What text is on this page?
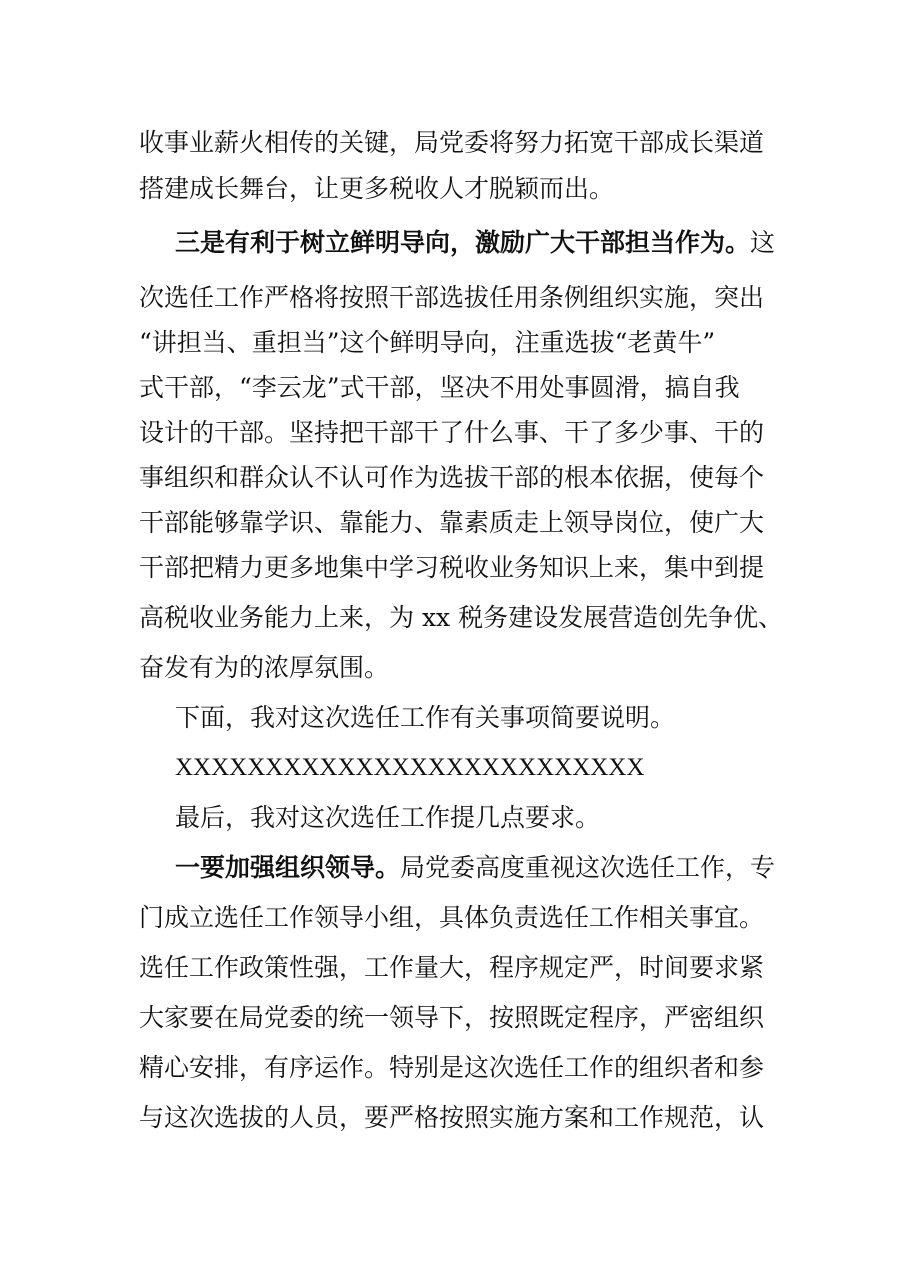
收事业薪火相传的关键，局党委将努力拓宽干部成长渠道
搭建成长舞台，让更多税收人才脱颖而出。
三是有利于树立鲜明导向，激励广大干部担当作为。这
次选任工作严格将按照干部选拔任用条例组织实施，突出
“讲担当、重担当”这个鲜明导向，注重选拔“老黄牛”
式干部，“李云龙”式干部，坚决不用处事圆滑，搞自我
设计的干部。坚持把干部干了什么事、干了多少事、干的
事组织和群众认不认可作为选拔干部的根本依据，使每个
干部能够靠学识、靠能力、靠素质走上领导岗位，使广大
干部把精力更多地集中学习税收业务知识上来，集中到提
高税收业务能力上来，为 xx 税务建设发展营造创先争优、
奋发有为的浓厚氛围。
下面，我对这次选任工作有关事项简要说明。
XXXXXXXXXXXXXXXXXXXXXXXXXX
最后，我对这次选任工作提几点要求。
一要加强组织领导。局党委高度重视这次选任工作，专
门成立选任工作领导小组，具体负责选任工作相关事宜。
选任工作政策性强，工作量大，程序规定严，时间要求紧
大家要在局党委的统一领导下，按照既定程序，严密组织
精心安排，有序运作。特别是这次选任工作的组织者和参
与这次选拔的人员，要严格按照实施方案和工作规范，认
